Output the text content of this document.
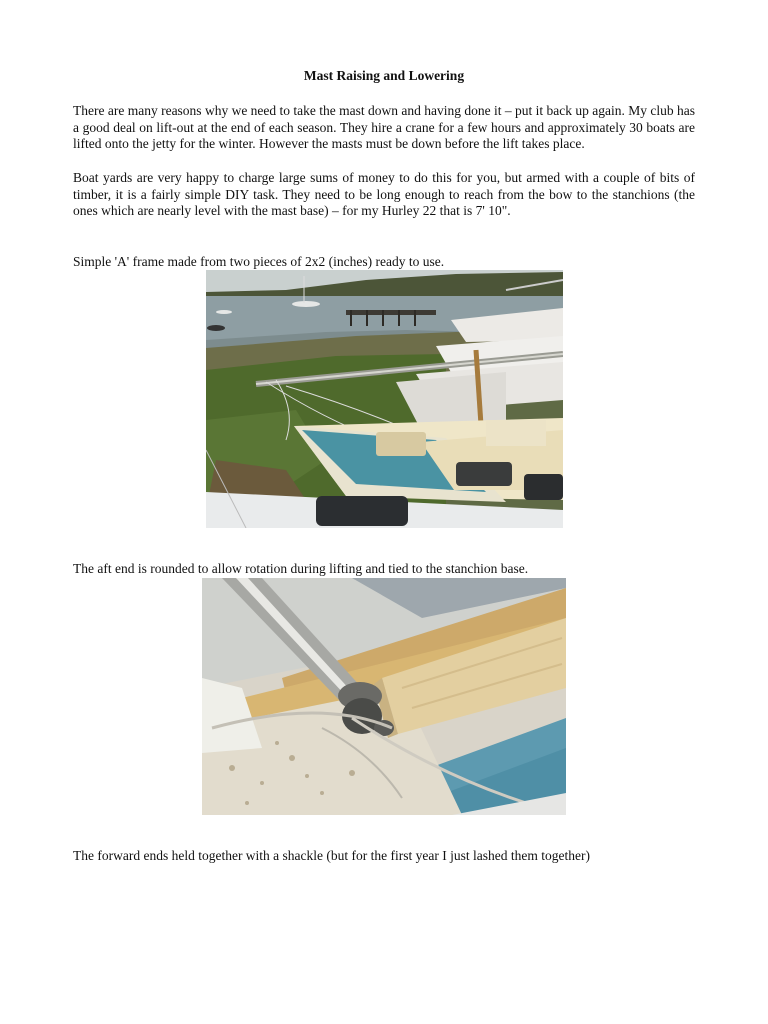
Mast Raising and Lowering

There are many reasons why we need to take the mast down and having done it – put it back up again. My club has a good deal on lift-out at the end of each season. They hire a crane for a few hours and approximately 30 boats are lifted onto the jetty for the winter. However the masts must be down before the lift takes place.

Boat yards are very happy to charge large sums of money to do this for you, but armed with a couple of bits of timber, it is a fairly simple DIY task. They need to be long enough to reach from the bow to the stanchions (the ones which are nearly level with the mast base) – for my Hurley 22 that is 7' 10".

Simple 'A' frame made from two pieces of 2x2 (inches) ready to use.

The aft end is rounded to allow rotation during lifting and tied to the stanchion base.

The forward ends held together with a shackle (but for the first year I just lashed them together)
